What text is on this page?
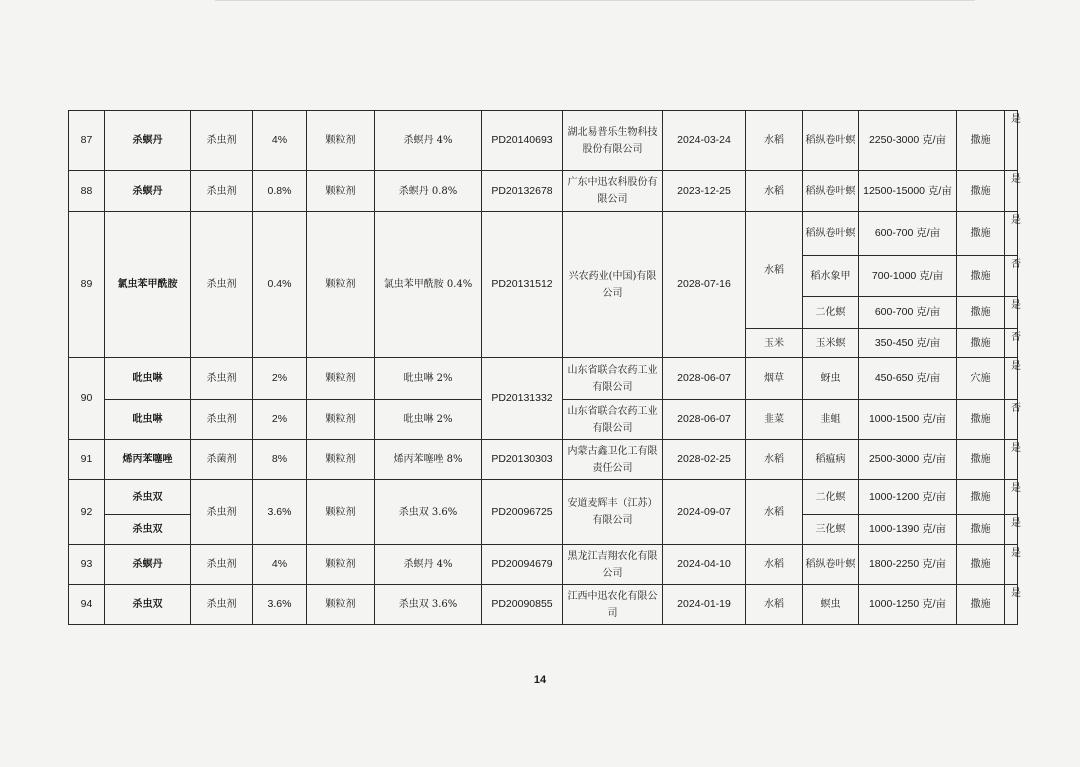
87	杀螟丹	杀虫剂	4%	颗粒剂	杀螟丹 4%	PD20140693	湖北易普乐生物科技股份有限公司	2024-03-24	水稻	稻纵卷叶螟	2250-3000 克/亩	撒施	是
88	杀螟丹	杀虫剂	0.8%	颗粒剂	杀螟丹 0.8%	PD20132678	广东中迅农科股份有限公司	2023-12-25	水稻	稻纵卷叶螟	12500-15000 克/亩	撒施	是
89	氯虫苯甲酰胺	杀虫剂	0.4%	颗粒剂	氯虫苯甲酰胺 0.4%	PD20131512	兴农药业(中国)有限公司	2028-07-16	水稻	稻纵卷叶螟	600-700 克/亩	撒施	是
										稻水象甲	700-1000 克/亩	撒施	否
										二化螟	600-700 克/亩	撒施	是
									玉米	玉米螟	350-450 克/亩	撒施	否
90	吡虫啉	杀虫剂	2%	颗粒剂	吡虫啉 2%	PD20131332	山东省联合农药工业有限公司	2028-06-07	烟草	蚜虫	450-650 克/亩	穴施	是
	吡虫啉	杀虫剂	2%	颗粒剂	吡虫啉 2%		山东省联合农药工业有限公司	2028-06-07	韭菜	韭蛆	1000-1500 克/亩	撒施	否
91	烯丙苯噻唑	杀菌剂	8%	颗粒剂	烯丙苯噻唑 8%	PD20130303	内蒙古鑫卫化工有限责任公司	2028-02-25	水稻	稻瘟病	2500-3000 克/亩	撒施	是
92	杀虫双	杀虫剂	3.6%	颗粒剂	杀虫双 3.6%	PD20096725	安道麦辉丰（江苏）有限公司	2024-09-07	水稻	二化螟	1000-1200 克/亩	撒施	是
	杀虫双									三化螟	1000-1390 克/亩	撒施	是
93	杀螟丹	杀虫剂	4%	颗粒剂	杀螟丹 4%	PD20094679	黑龙江吉翔农化有限公司	2024-04-10	水稻	稻纵卷叶螟	1800-2250 克/亩	撒施	是
94	杀虫双	杀虫剂	3.6%	颗粒剂	杀虫双 3.6%	PD20090855	江西中迅农化有限公司	2024-01-19	水稻	螟虫	1000-1250 克/亩	撒施	是
14
